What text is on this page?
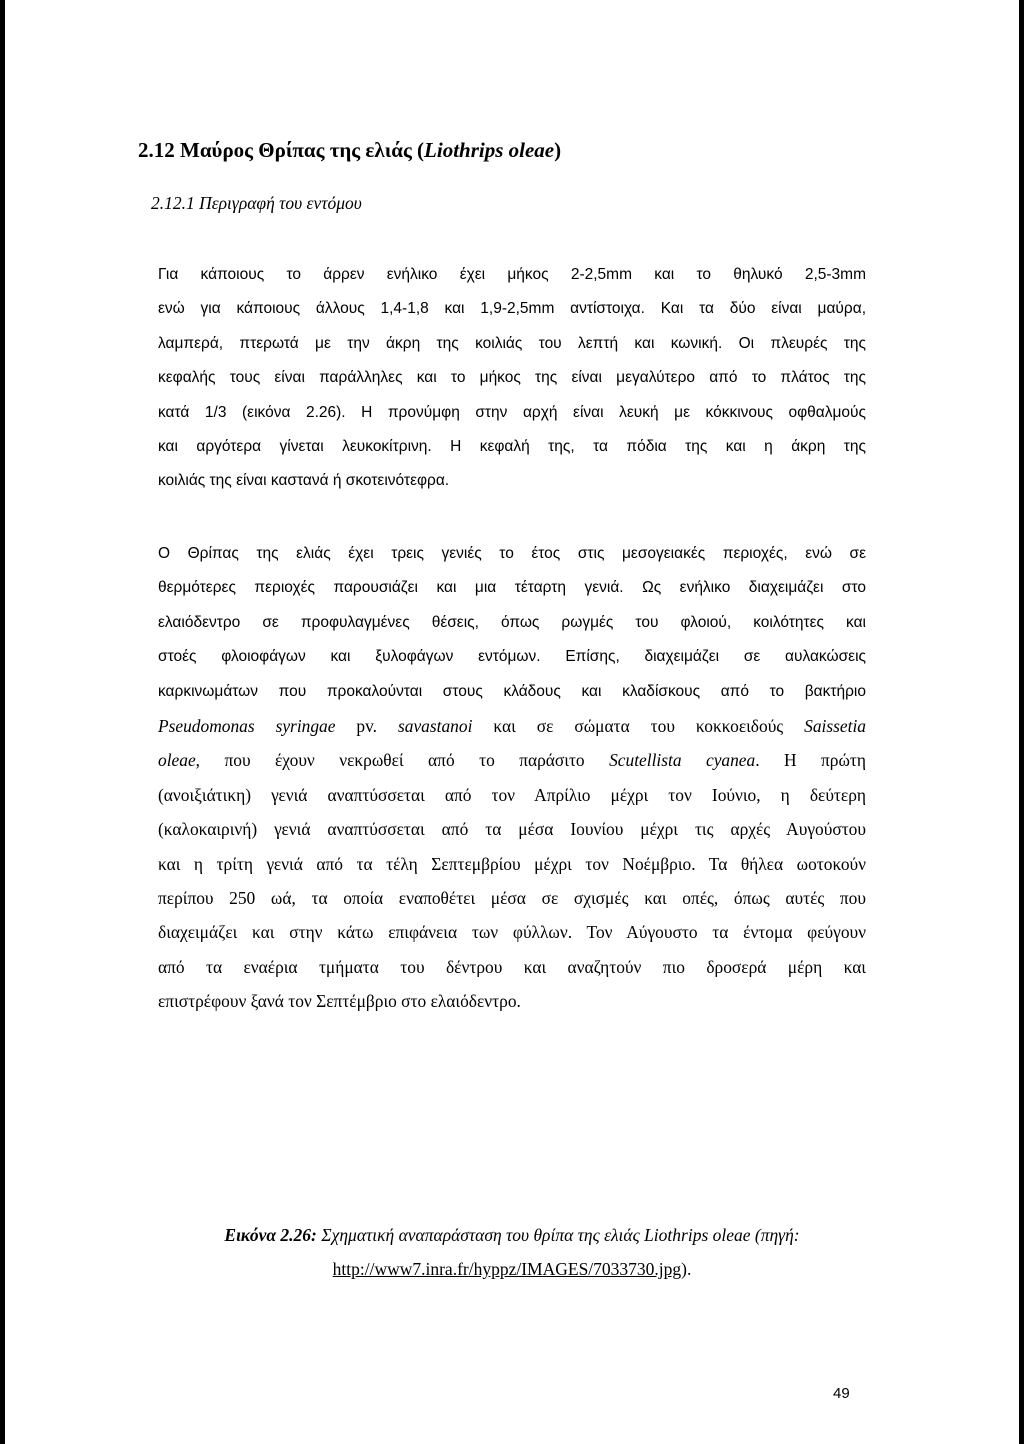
2.12 Μαύρος Θρίπας της ελιάς (Liothrips oleae)
2.12.1 Περιγραφή του εντόμου
Για κάποιους το άρρεν ενήλικο έχει μήκος 2-2,5mm και το θηλυκό 2,5-3mm
ενώ για κάποιους άλλους 1,4-1,8 και 1,9-2,5mm αντίστοιχα. Και τα δύο είναι μαύρα,
λαμπερά, πτερωτά με την άκρη της κοιλιάς του λεπτή και κωνική. Οι πλευρές της
κεφαλής τους είναι παράλληλες και το μήκος της είναι μεγαλύτερο από το πλάτος της
κατά 1/3 (εικόνα 2.26). Η προνύμφη στην αρχή είναι λευκή με κόκκινους οφθαλμούς
και αργότερα γίνεται λευκοκίτρινη. Η κεφαλή της, τα πόδια της και η άκρη της
κοιλιάς της είναι καστανά ή σκοτεινότεφρα.
Ο Θρίπας της ελιάς έχει τρεις γενιές το έτος στις μεσογειακές περιοχές, ενώ σε
θερμότερες περιοχές παρουσιάζει και μια τέταρτη γενιά. Ως ενήλικο διαχειμάζει στο
ελαιόδεντρο σε προφυλαγμένες θέσεις, όπως ρωγμές του φλοιού, κοιλότητες και
στοές φλοιοφάγων και ξυλοφάγων εντόμων. Επίσης, διαχειμάζει σε αυλακώσεις
καρκινωμάτων που προκαλούνται στους κλάδους και κλαδίσκους από το βακτήριο
Pseudomonas syringae pv. savastanoi και σε σώματα του κοκκοειδούς Saissetia
oleae, που έχουν νεκρωθεί από το παράσιτο Scutellista cyanea. Η πρώτη
(ανοιξιάτικη) γενιά αναπτύσσεται από τον Απρίλιο μέχρι τον Ιούνιο, η δεύτερη
(καλοκαιρινή) γενιά αναπτύσσεται από τα μέσα Ιουνίου μέχρι τις αρχές Αυγούστου
και η τρίτη γενιά από τα τέλη Σεπτεμβρίου μέχρι τον Νοέμβριο. Τα θήλεα ωοτοκούν
περίπου 250 ωά, τα οποία εναποθέτει μέσα σε σχισμές και οπές, όπως αυτές που
διαχειμάζει και στην κάτω επιφάνεια των φύλλων. Τον Αύγουστο τα έντομα φεύγουν
από τα εναέρια τμήματα του δέντρου και αναζητούν πιο δροσερά μέρη και
επιστρέφουν ξανά τον Σεπτέμβριο στο ελαιόδεντρο.
Εικόνα 2.26: Σχηματική αναπαράσταση του θρίπα της ελιάς Liothrips oleae (πηγή:
http://www7.inra.fr/hyppz/IMAGES/7033730.jpg).
49
